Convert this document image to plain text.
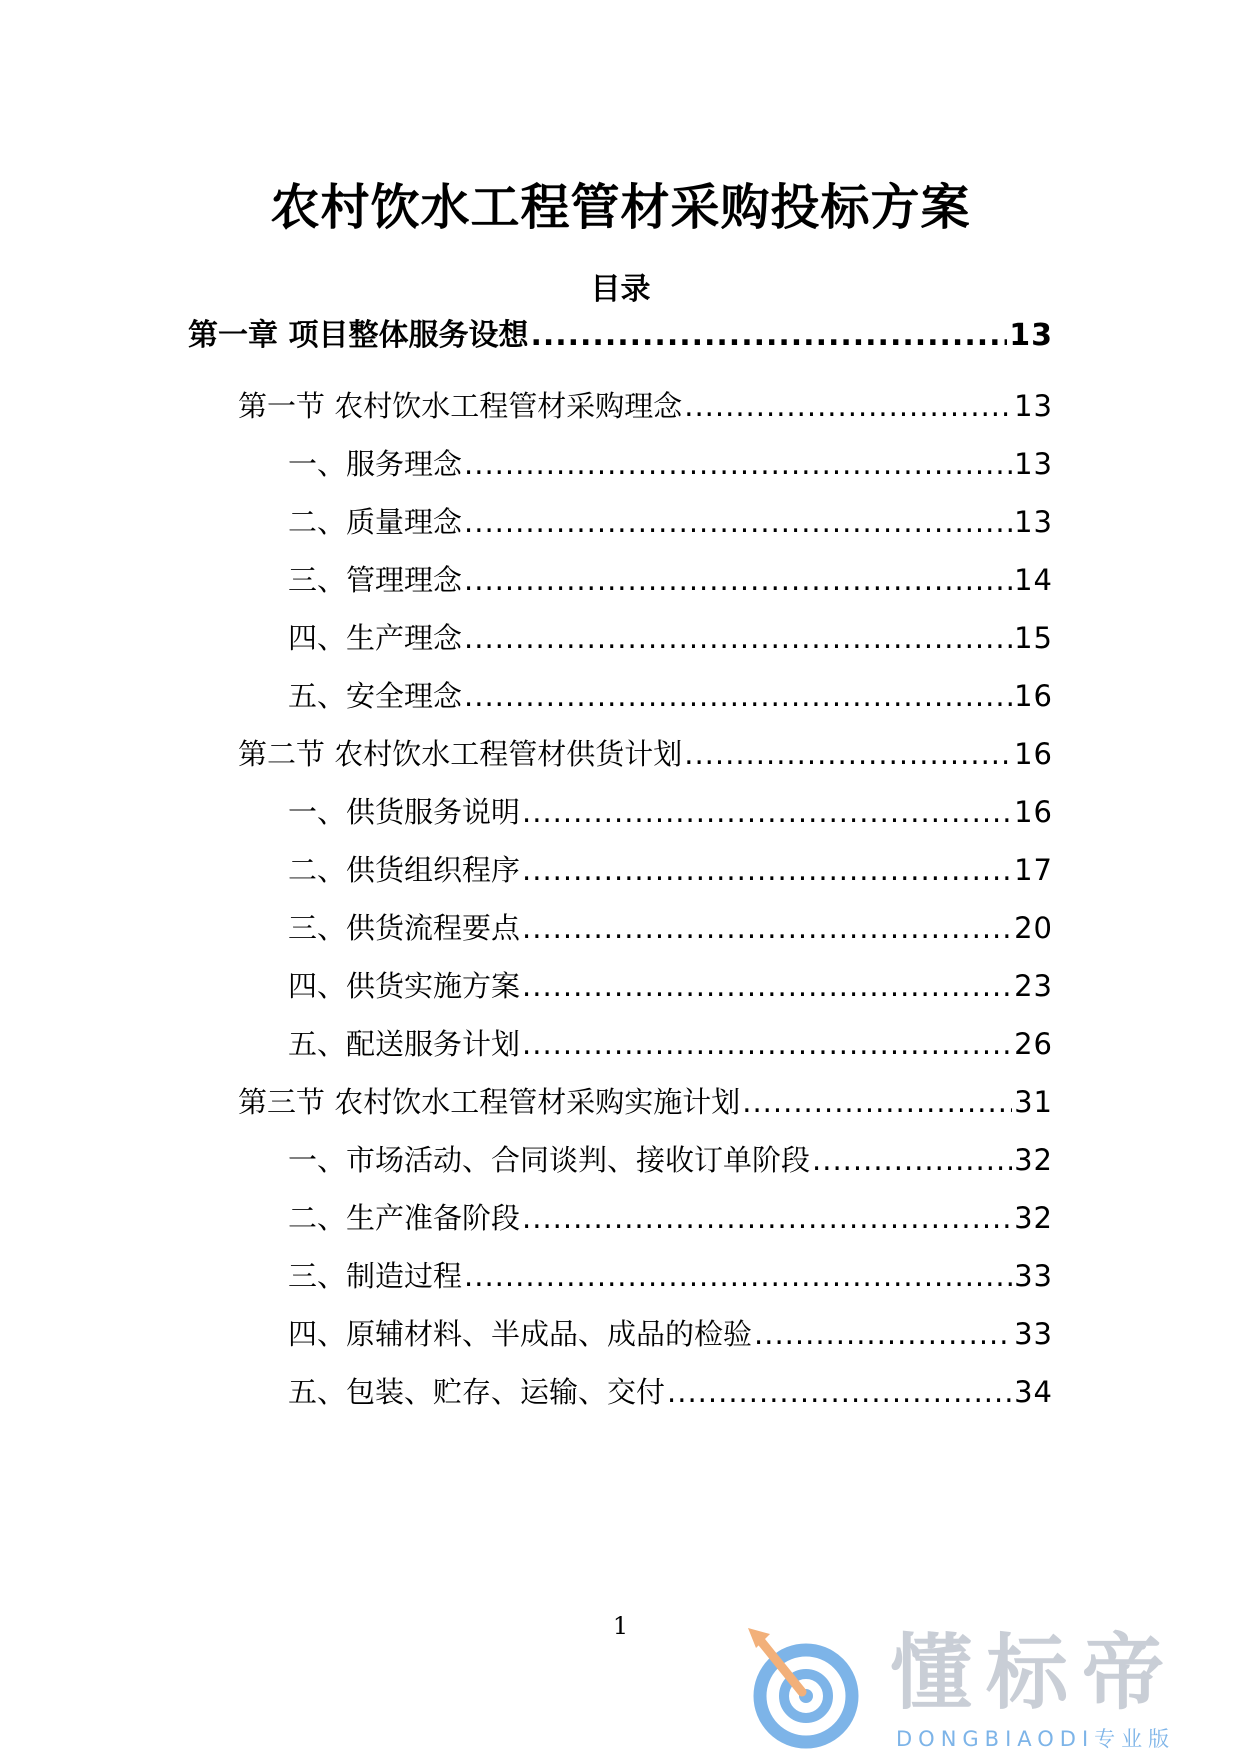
农村饮水工程管材采购投标方案
目录
第一章 项目整体服务设想 .....	13
第一节 农村饮水工程管材采购理念 .....	13
一、服务理念 .....	13
二、质量理念 .....	13
三、管理理念 .....	14
四、生产理念 .....	15
五、安全理念 .....	16
第二节 农村饮水工程管材供货计划 .....	16
一、供货服务说明 .....	16
二、供货组织程序 .....	17
三、供货流程要点 .....	20
四、供货实施方案 .....	23
五、配送服务计划 .....	26
第三节 农村饮水工程管材采购实施计划 .....	31
一、市场活动、合同谈判、接收订单阶段 .....	32
二、生产准备阶段 .....	32
三、制造过程 .....	33
四、原辅材料、半成品、成品的检验 .....	33
五、包装、贮存、运输、交付 .....	34
1	懂标帝
DONGBIAODI专业版
